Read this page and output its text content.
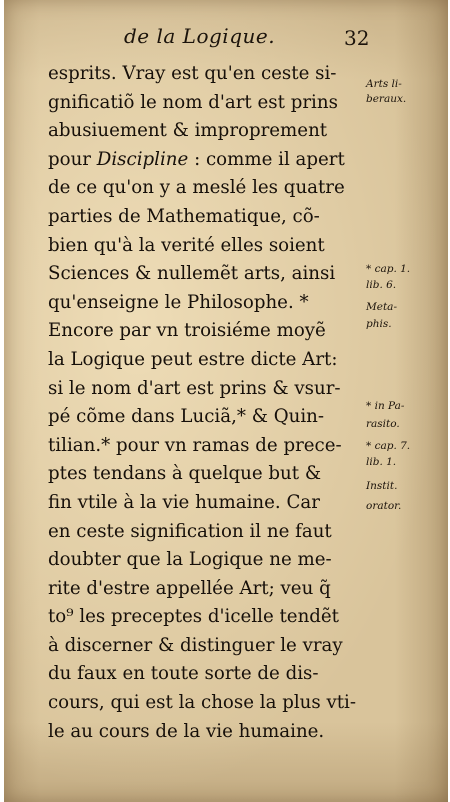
de la Logique.	32
esprits. Vray est qu'en ceste si-
gnificatiõ le nom d'art est prins
abusiuement & improprement
pour Discipline : comme il apert
de ce qu'on y a meslé les quatre
parties de Mathematique, cõ-
bien qu'à la verité elles soient
Sciences & nullemẽt arts, ainsi
qu'enseigne le Philosophe. *
Encore par vn troisiéme moyẽ
la Logique peut estre dicte Art:
si le nom d'art est prins & vsur-
pé cõme dans Luciã,* & Quin-
tilian.* pour vn ramas de prece-
ptes tendans à quelque but &
fin vtile à la vie humaine. Car
en ceste signification il ne faut
doubter que la Logique ne me-
rite d'estre appellée Art; veu q̃
to⁹ les preceptes d'icelle tendẽt
à discerner & distinguer le vray
du faux en toute sorte de dis-
cours, qui est la chose la plus vti-
le au cours de la vie humaine.
Arts li-
beraux.
* cap. 1.
lib. 6.
Meta-
phis.
* in Pa-
rasito.
* cap. 7.
lib. 1.
Instit.
orator.
